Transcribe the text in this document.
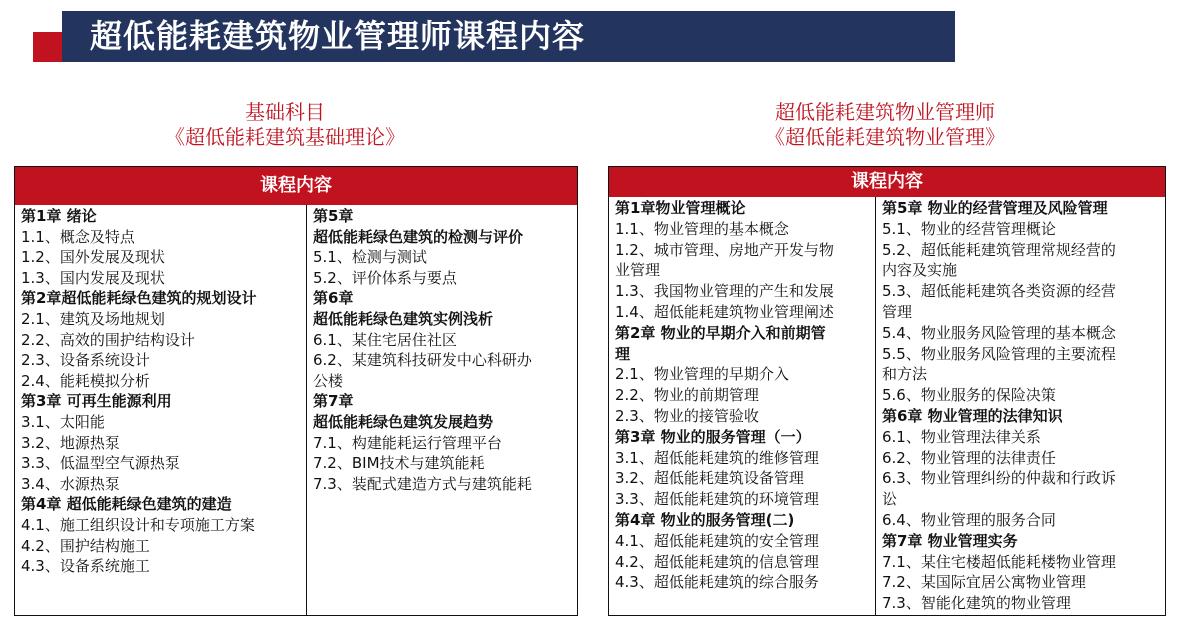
超低能耗建筑物业管理师课程内容
基础科目
《超低能耗建筑基础理论》
超低能耗建筑物业管理师
《超低能耗建筑物业管理》
课程内容

第1章 绪论

1.1、概念及特点

1.2、国外发展及现状

1.3、国内发展及现状

第2章超低能耗绿色建筑的规划设计

2.1、建筑及场地规划

2.2、高效的围护结构设计

2.3、设备系统设计

2.4、能耗模拟分析

第3章 可再生能源利用

3.1、太阳能

3.2、地源热泵

3.3、低温型空气源热泵

3.4、水源热泵

第4章 超低能耗绿色建筑的建造

4.1、施工组织设计和专项施工方案

4.2、围护结构施工

4.3、设备系统施工

第5章

超低能耗绿色建筑的检测与评价

5.1、检测与测试

5.2、评价体系与要点

第6章

超低能耗绿色建筑实例浅析

6.1、某住宅居住社区

6.2、某建筑科技研发中心科研办

公楼

第7章

超低能耗绿色建筑发展趋势

7.1、构建能耗运行管理平台

7.2、BIM技术与建筑能耗

7.3、装配式建造方式与建筑能耗

课程内容

第1章物业管理概论

1.1、物业管理的基本概念

1.2、城市管理、房地产开发与物

业管理

1.3、我国物业管理的产生和发展

1.4、超低能耗建筑物业管理阐述

第2章 物业的早期介入和前期管

理

2.1、物业管理的早期介入

2.2、物业的前期管理

2.3、物业的接管验收

第3章 物业的服务管理（一）

3.1、超低能耗建筑的维修管理

3.2、超低能耗建筑设备管理

3.3、超低能耗建筑的环境管理

第4章 物业的服务管理(二)

4.1、超低能耗建筑的安全管理

4.2、超低能耗建筑的信息管理

4.3、超低能耗建筑的综合服务

第5章 物业的经营管理及风险管理

5.1、物业的经营管理概论

5.2、超低能耗建筑管理常规经营的

内容及实施

5.3、超低能耗建筑各类资源的经营

管理

5.4、物业服务风险管理的基本概念

5.5、物业服务风险管理的主要流程

和方法

5.6、物业服务的保险决策

第6章 物业管理的法律知识

6.1、物业管理法律关系

6.2、物业管理的法律责任

6.3、物业管理纠纷的仲裁和行政诉

讼

6.4、物业管理的服务合同

第7章 物业管理实务

7.1、某住宅楼超低能耗楼物业管理

7.2、某国际宜居公寓物业管理

7.3、智能化建筑的物业管理
